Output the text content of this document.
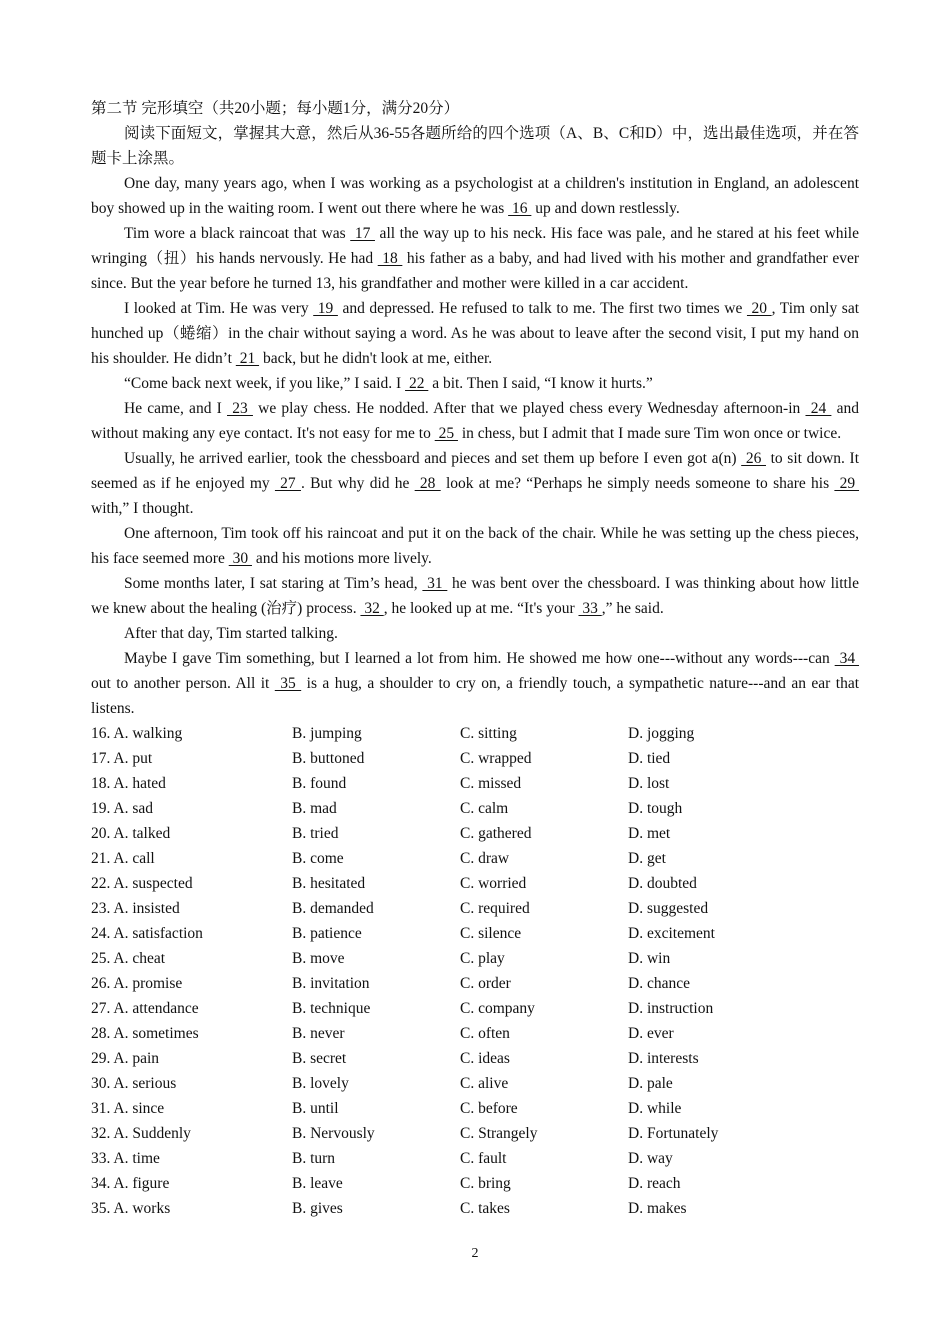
第二节 完形填空（共20小题；每小题1分，满分20分）

阅读下面短文，掌握其大意，然后从36-55各题所给的四个选项（A、B、C和D）中，选出最佳选项，并在答题卡上涂黑。

One day, many years ago, when I was working as a psychologist at a children's institution in England, an adolescent boy showed up in the waiting room. I went out there where he was  16  up and down restlessly.

Tim wore a black raincoat that was  17  all the way up to his neck. His face was pale, and he stared at his feet while wringing（扭）his hands nervously. He had  18  his father as a baby, and had lived with his mother and grandfather ever since. But the year before he turned 13, his grandfather and mother were killed in a car accident.

I looked at Tim. He was very  19  and depressed. He refused to talk to me. The first two times we  20 , Tim only sat hunched up（蜷缩）in the chair without saying a word. As he was about to leave after the second visit, I put my hand on his shoulder. He didn’t  21  back, but he didn't look at me, either.

“Come back next week, if you like,” I said. I  22  a bit. Then I said, “I know it hurts.”

He came, and I  23  we play chess. He nodded. After that we played chess every Wednesday afternoon-in  24  and without making any eye contact. It's not easy for me to  25  in chess, but I admit that I made sure Tim won once or twice.

Usually, he arrived earlier, took the chessboard and pieces and set them up before I even got a(n)  26  to sit down. It seemed as if he enjoyed my  27 . But why did he  28  look at me? “Perhaps he simply needs someone to share his  29  with,” I thought.

One afternoon, Tim took off his raincoat and put it on the back of the chair. While he was setting up the chess pieces, his face seemed more  30  and his motions more lively.

Some months later, I sat staring at Tim’s head,  31  he was bent over the chessboard. I was thinking about how little we knew about the healing (治疗) process.  32 , he looked up at me. “It's your  33 ,” he said.

After that day, Tim started talking.

Maybe I gave Tim something, but I learned a lot from him. He showed me how one---without any words---can  34  out to another person. All it  35  is a hug, a shoulder to cry on, a friendly touch, a sympathetic nature---and an ear that listens.

16. A. walking	B. jumping	C. sitting	D. jogging
17. A. put	B. buttoned	C. wrapped	D. tied
18. A. hated	B. found	C. missed	D. lost
19. A. sad	B. mad	C. calm	D. tough
20. A. talked	B. tried	C. gathered	D. met
21. A. call	B. come	C. draw	D. get
22. A. suspected	B. hesitated	C. worried	D. doubted
23. A. insisted	B. demanded	C. required	D. suggested
24. A. satisfaction	B. patience	C. silence	D. excitement
25. A. cheat	B. move	C. play	D. win
26. A. promise	B. invitation	C. order	D. chance
27. A. attendance	B. technique	C. company	D. instruction
28. A. sometimes	B. never	C. often	D. ever
29. A. pain	B. secret	C. ideas	D. interests
30. A. serious	B. lovely	C. alive	D. pale
31. A. since	B. until	C. before	D. while
32. A. Suddenly	B. Nervously	C. Strangely	D. Fortunately
33. A. time	B. turn	C. fault	D. way
34. A. figure	B. leave	C. bring	D. reach
35. A. works	B. gives	C. takes	D. makes
2
